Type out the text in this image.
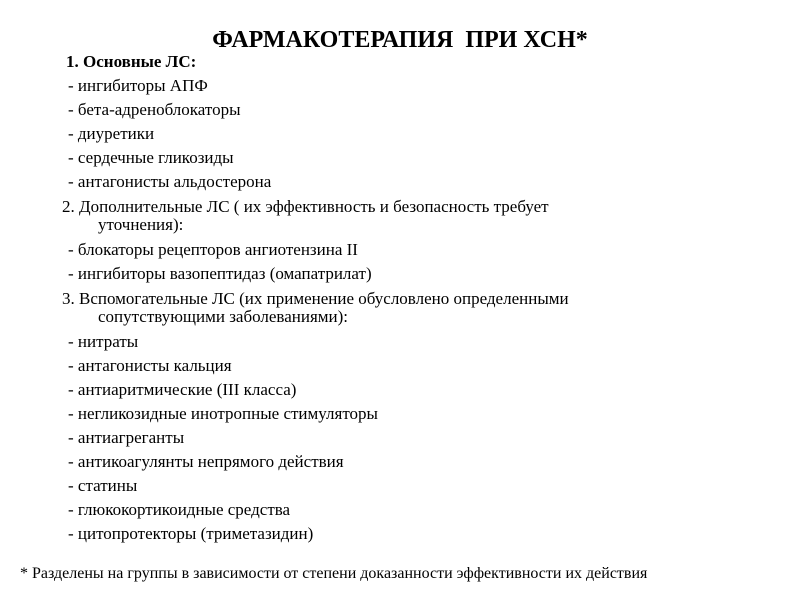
ФАРМАКОТЕРАПИЯ  ПРИ ХСН*
1. Основные ЛС:
- ингибиторы АПФ
- бета-адреноблокаторы
- диуретики
- сердечные гликозиды
- антагонисты альдостерона
2. Дополнительные ЛС ( их эффективность и безопасность требует
уточнения):
- блокаторы рецепторов ангиотензина II
- ингибиторы вазопептидаз (омапатрилат)
3. Вспомогательные ЛС (их применение обусловлено определенными
сопутствующими заболеваниями):
- нитраты
- антагонисты кальция
- антиаритмические (III класса)
- негликозидные инотропные стимуляторы
- антиагреганты
- антикоагулянты непрямого действия
- статины
- глюкокортикоидные средства
- цитопротекторы (триметазидин)
* Разделены на группы в зависимости от степени доказанности эффективности их действия
